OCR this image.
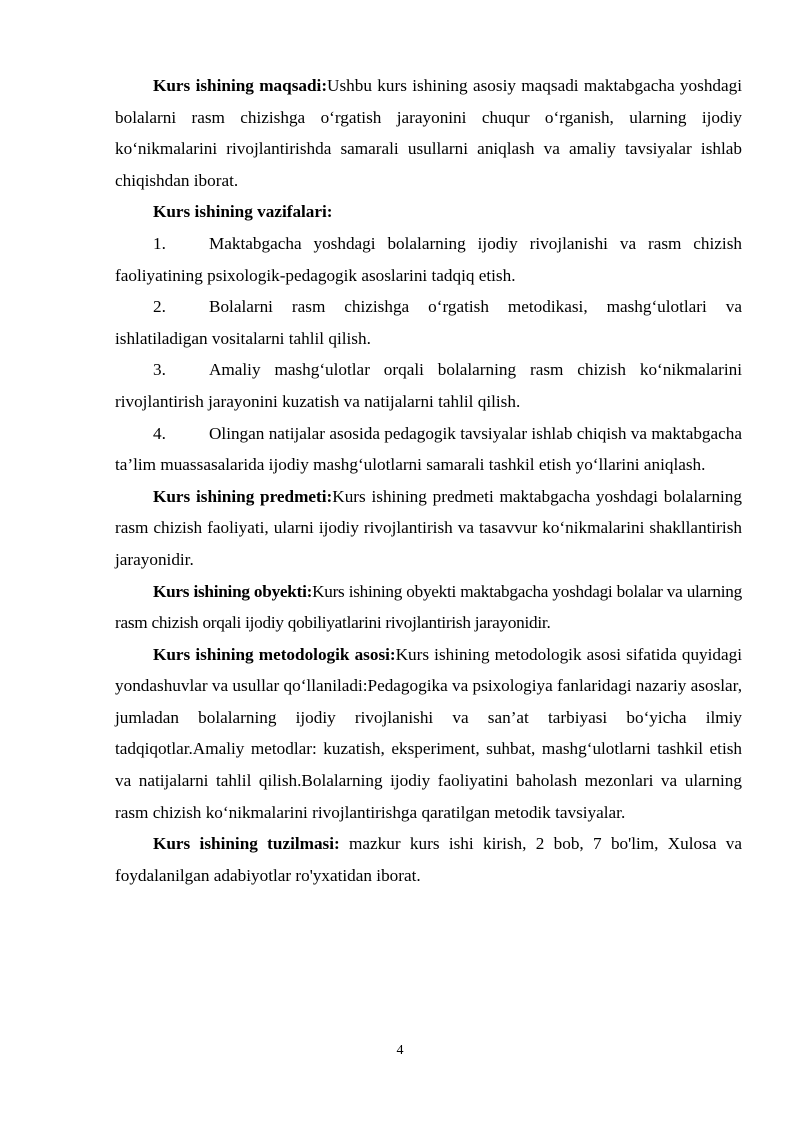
Kurs ishining maqsadi:Ushbu kurs ishining asosiy maqsadi maktabgacha yoshdagi bolalarni rasm chizishga o‘rgatish jarayonini chuqur o‘rganish, ularning ijodiy ko‘nikmalarini rivojlantirishda samarali usullarni aniqlash va amaliy tavsiyalar ishlab chiqishdan iborat.

Kurs ishining vazifalari:

1.	Maktabgacha yoshdagi bolalarning ijodiy rivojlanishi va rasm chizish faoliyatining psixologik-pedagogik asoslarini tadqiq etish.

2.	Bolalarni rasm chizishga o‘rgatish metodikasi, mashg‘ulotlari va ishlatiladigan vositalarni tahlil qilish.

3.	Amaliy mashg‘ulotlar orqali bolalarning rasm chizish ko‘nikmalarini rivojlantirish jarayonini kuzatish va natijalarni tahlil qilish.

4.	Olingan natijalar asosida pedagogik tavsiyalar ishlab chiqish va maktabgacha ta’lim muassasalarida ijodiy mashg‘ulotlarni samarali tashkil etish yo‘llarini aniqlash.

Kurs ishining predmeti:Kurs ishining predmeti maktabgacha yoshdagi bolalarning rasm chizish faoliyati, ularni ijodiy rivojlantirish va tasavvur ko‘nikmalarini shakllantirish jarayonidir.

Kurs ishining obyekti:Kurs ishining obyekti maktabgacha yoshdagi bolalar va ularning rasm chizish orqali ijodiy qobiliyatlarini rivojlantirish jarayonidir.

Kurs ishining metodologik asosi:Kurs ishining metodologik asosi sifatida quyidagi yondashuvlar va usullar qo‘llaniladi:Pedagogika va psixologiya fanlaridagi nazariy asoslar, jumladan bolalarning ijodiy rivojlanishi va san’at tarbiyasi bo‘yicha ilmiy tadqiqotlar.Amaliy metodlar: kuzatish, eksperiment, suhbat, mashg‘ulotlarni tashkil etish va natijalarni tahlil qilish.Bolalarning ijodiy faoliyatini baholash mezonlari va ularning rasm chizish ko‘nikmalarini rivojlantirishga qaratilgan metodik tavsiyalar.

Kurs ishining tuzilmasi: mazkur kurs ishi kirish, 2 bob, 7 bo'lim, Xulosa va foydalanilgan adabiyotlar ro'yxatidan iborat.

4
